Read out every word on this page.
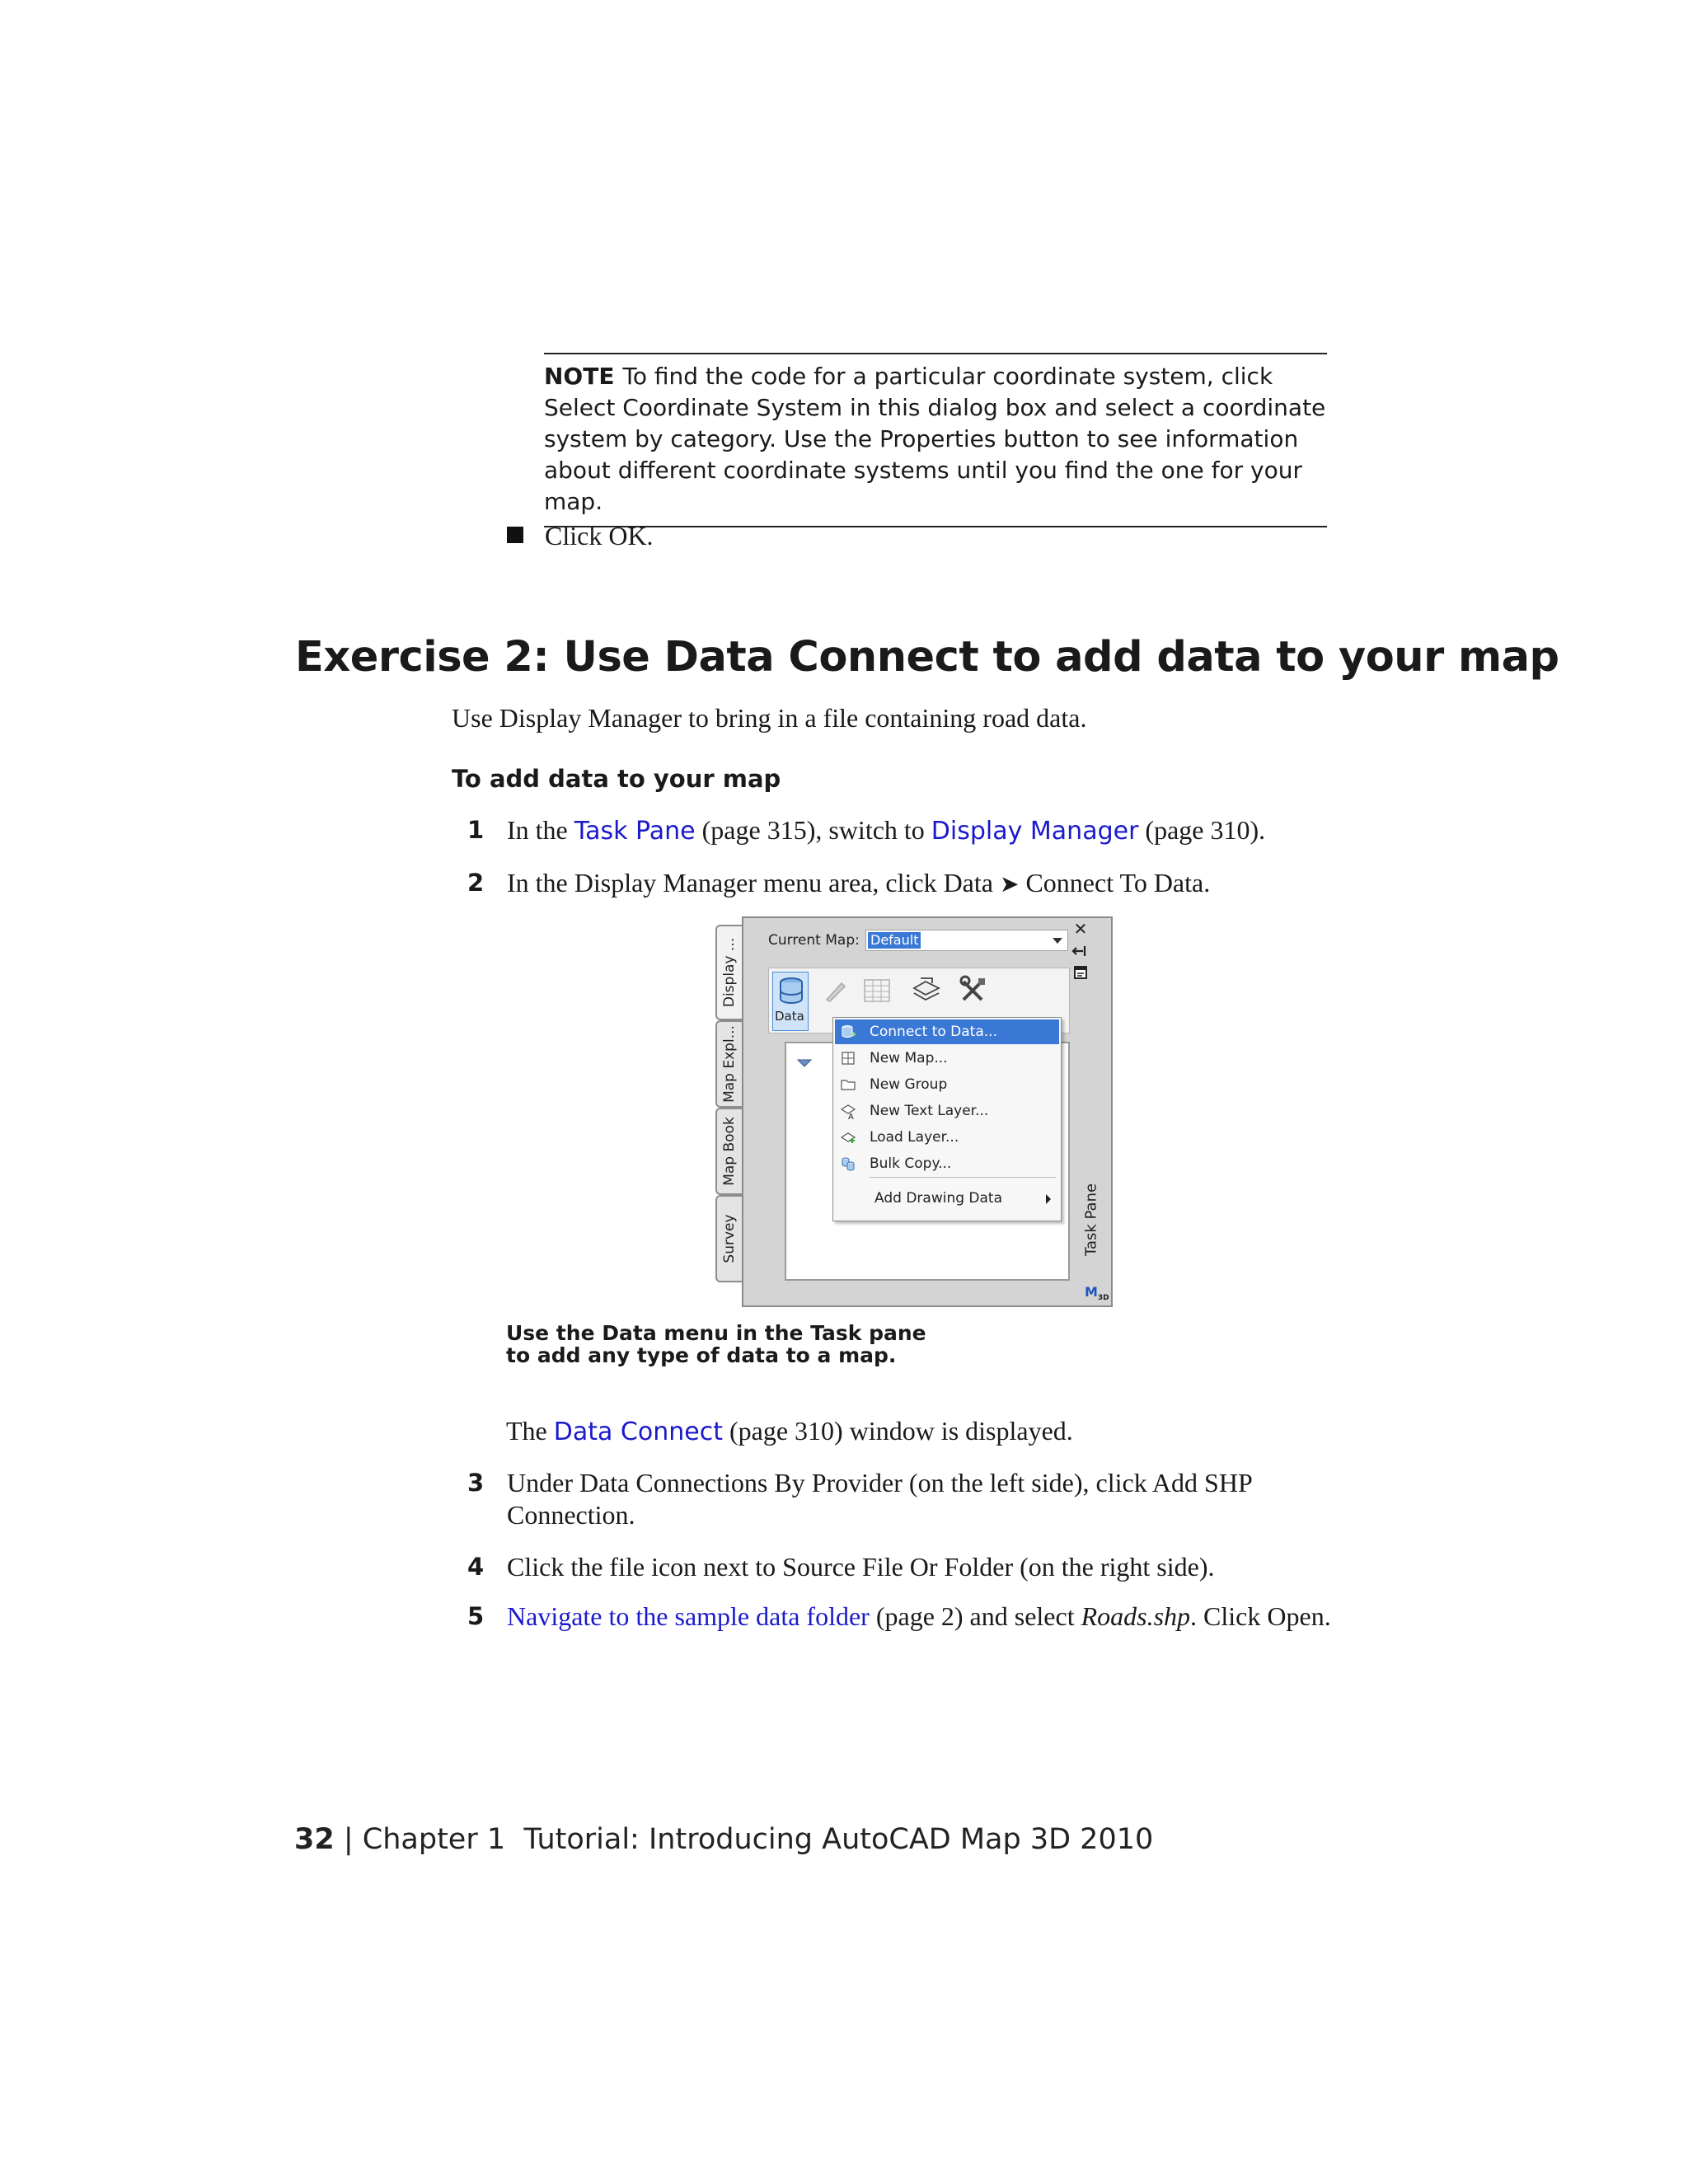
NOTE To find the code for a particular coordinate system, click Select Coordinate System in this dialog box and select a coordinate system by category. Use the Properties button to see information about different coordinate systems until you find the one for your map.
Click OK.
Exercise 2: Use Data Connect to add data to your map
Use Display Manager to bring in a file containing road data.
To add data to your map
1 In the Task Pane (page 315), switch to Display Manager (page 310).
2 In the Display Manager menu area, click Data ➤ Connect To Data.
Display ...
Map Expl...
Map Book
Survey
Current Map: Default
Data
Connect to Data...
New Map...
New Group
A New Text Layer...
Load Layer...
Bulk Copy...
Add Drawing Data
✕
Task Pane
$M_{3D}$
Use the Data menu in the Task pane to add any type of data to a map.
The Data Connect (page 310) window is displayed.
3 Under Data Connections By Provider (on the left side), click Add SHP Connection.
4 Click the file icon next to Source File Or Folder (on the right side).
5 Navigate to the sample data folder (page 2) and select Roads.shp. Click Open.
32 | Chapter 1 Tutorial: Introducing AutoCAD Map 3D 2010
